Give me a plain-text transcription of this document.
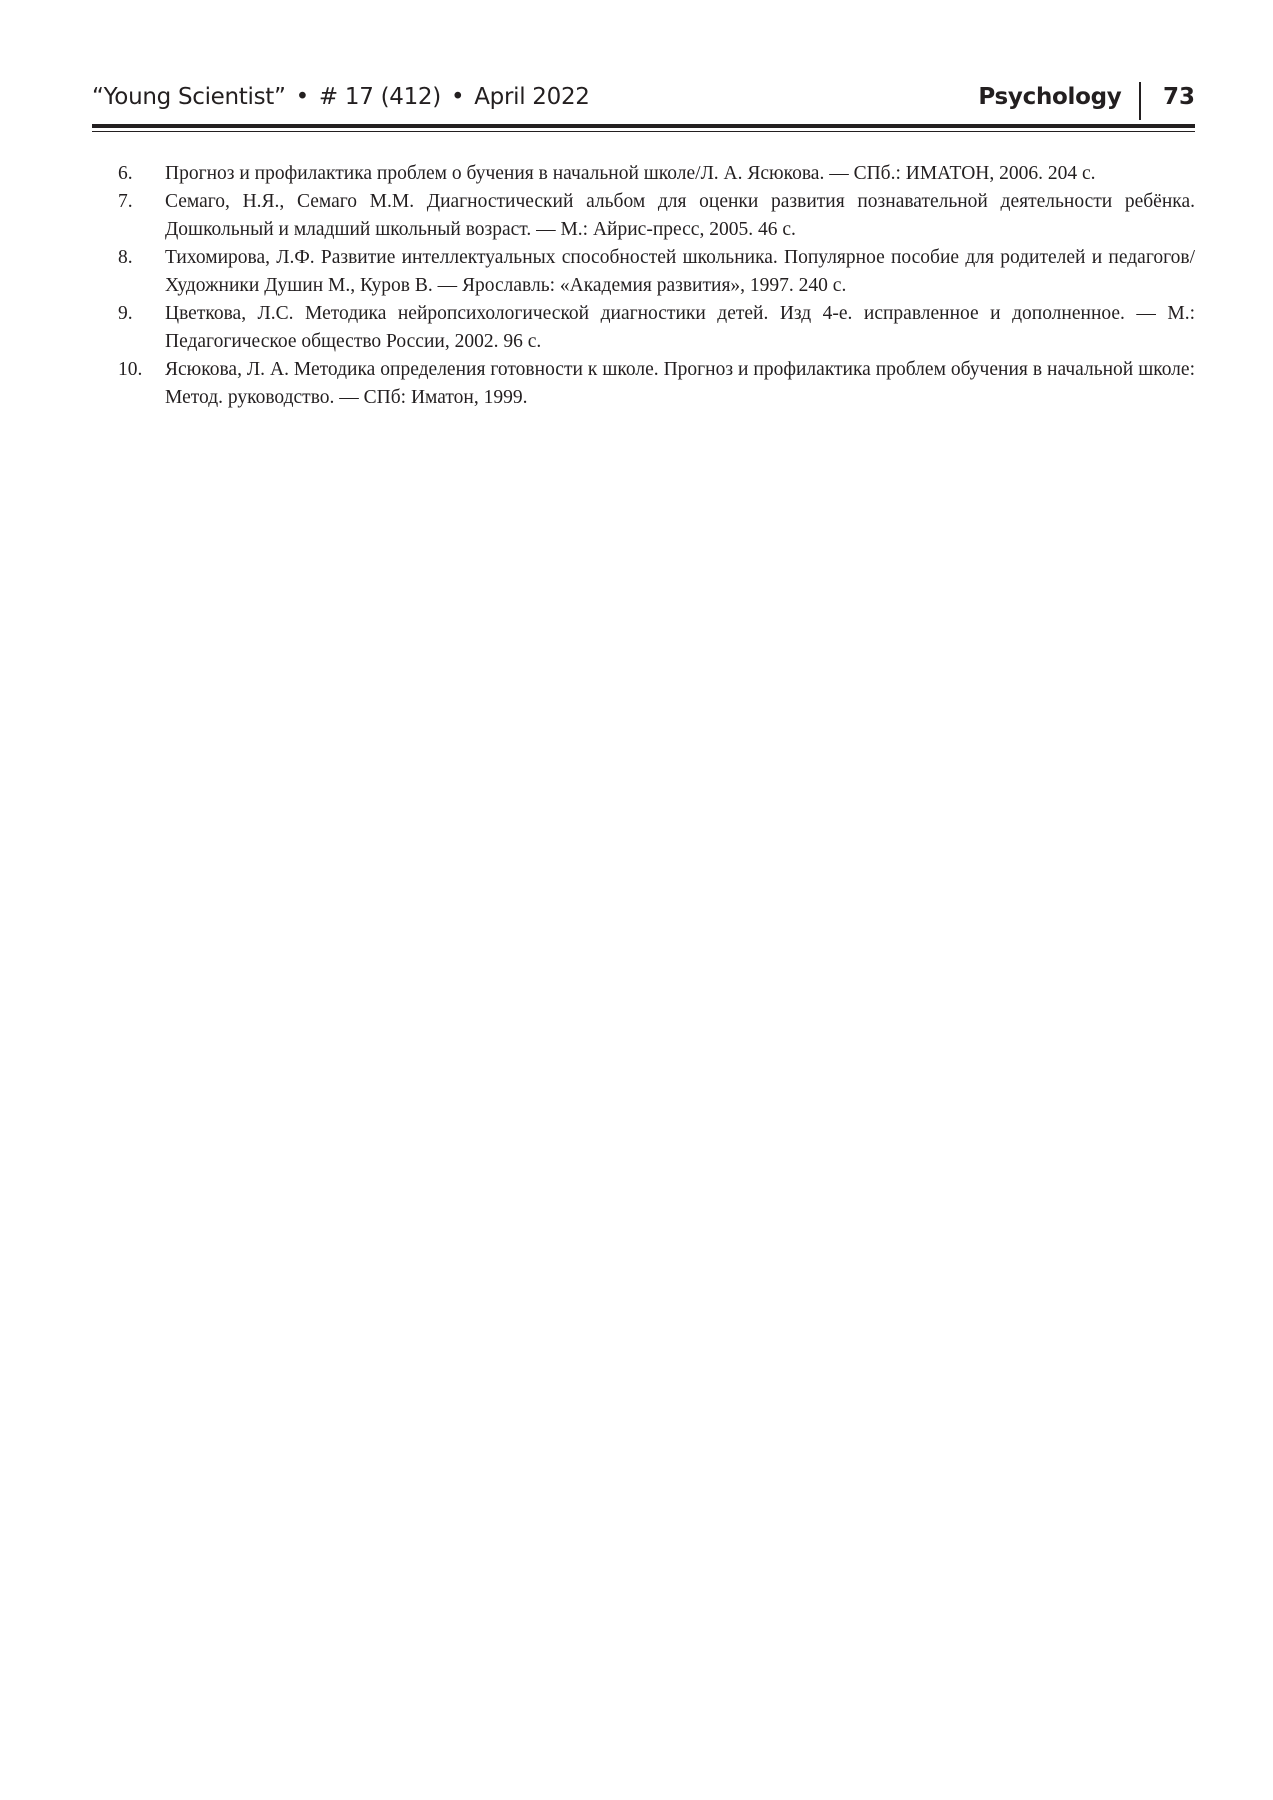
“Young Scientist” • # 17 (412) • April 2022	Psychology 73
6.	Прогноз и профилактика проблем о бучения в начальной школе/Л. А. Ясюкова. — СПб.: ИМАТОН, 2006. 204 с.
7.	Семаго, Н.Я., Семаго М.М. Диагностический альбом для оценки развития познавательной деятельности ребёнка. Дошкольный и младший школьный возраст. — М.: Айрис-пресс, 2005. 46 с.
8.	Тихомирова, Л.Ф. Развитие интеллектуальных способностей школьника. Популярное пособие для родителей и педагогов/Художники Душин М., Куров В. — Ярославль: «Академия развития», 1997. 240 с.
9.	Цветкова, Л.С. Методика нейропсихологической диагностики детей. Изд 4-е. исправленное и дополненное. — М.: Педагогическое общество России, 2002. 96 с.
10.	Ясюкова, Л. А. Методика определения готовности к школе. Прогноз и профилактика проблем обучения в начальной школе: Метод. руководство. — СПб: Иматон, 1999.
